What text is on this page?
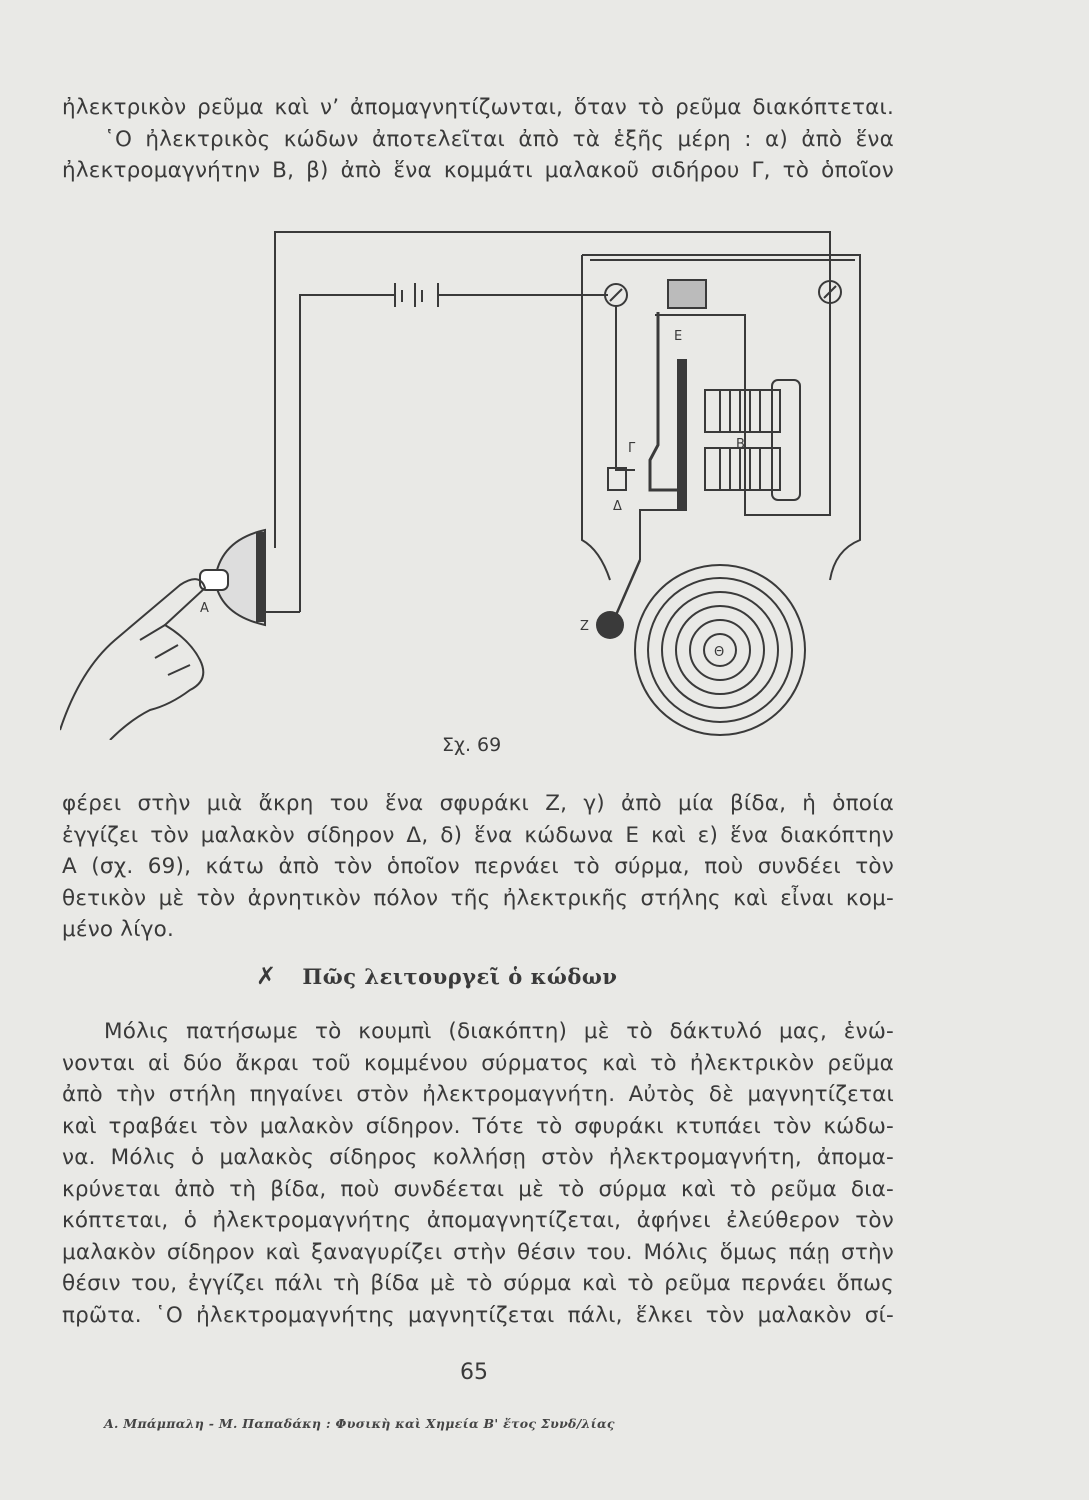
ἠλεκτρικὸν ρεῦμα καὶ ν’ ἀπομαγνητίζωνται, ὅταν τὸ ρεῦμα διακόπτεται.
῾Ο ἠλεκτρικὸς κώδων ἀποτελεῖται ἀπὸ τὰ ἑξῆς μέρη : α) ἀπὸ ἕνα
ἠλεκτρομαγνήτην Β, β) ἀπὸ ἕνα κομμάτι μαλακοῦ σιδήρου Γ, τὸ ὁποῖον
A
B
Γ
Δ
E
Z
Θ
Σχ. 69
φέρει στὴν μιὰ ἄκρη του ἕνα σφυράκι Ζ, γ) ἀπὸ μία βίδα, ἡ ὁποία
ἐγγίζει τὸν μαλακὸν σίδηρον Δ, δ) ἕνα κώδωνα Ε καὶ ε) ἕνα διακόπτην
Α (σχ. 69), κάτω ἀπὸ τὸν ὁποῖον περνάει τὸ σύρμα, ποὺ συνδέει τὸν
θετικὸν μὲ τὸν ἀρνητικὸν πόλον τῆς ἠλεκτρικῆς στήλης καὶ εἶναι κομ-
μένο λίγο.
✗ Πῶς λειτουργεῖ ὁ κώδων
Μόλις πατήσωμε τὸ κουμπὶ (διακόπτη) μὲ τὸ δάκτυλό μας, ἑνώ-
νονται αἱ δύο ἄκραι τοῦ κομμένου σύρματος καὶ τὸ ἠλεκτρικὸν ρεῦμα
ἀπὸ τὴν στήλη πηγαίνει στὸν ἠλεκτρομαγνήτη. Αὐτὸς δὲ μαγνητίζεται
καὶ τραβάει τὸν μαλακὸν σίδηρον. Τότε τὸ σφυράκι κτυπάει τὸν κώδω-
να. Μόλις ὁ μαλακὸς σίδηρος κολλήσῃ στὸν ἠλεκτρομαγνήτη, ἀπομα-
κρύνεται ἀπὸ τὴ βίδα, ποὺ συνδέεται μὲ τὸ σύρμα καὶ τὸ ρεῦμα δια-
κόπτεται, ὁ ἠλεκτρομαγνήτης ἀπομαγνητίζεται, ἀφήνει ἐλεύθερον τὸν
μαλακὸν σίδηρον καὶ ξαναγυρίζει στὴν θέσιν του. Μόλις ὅμως πάῃ στὴν
θέσιν του, ἐγγίζει πάλι τὴ βίδα μὲ τὸ σύρμα καὶ τὸ ρεῦμα περνάει ὅπως
πρῶτα. ῾Ο ἠλεκτρομαγνήτης μαγνητίζεται πάλι, ἕλκει τὸν μαλακὸν σί-
65
Α. Μπάμπαλη - Μ. Παπαδάκη : Φυσικὴ καὶ Χημεία Β' ἔτος Συνδ/λίας
